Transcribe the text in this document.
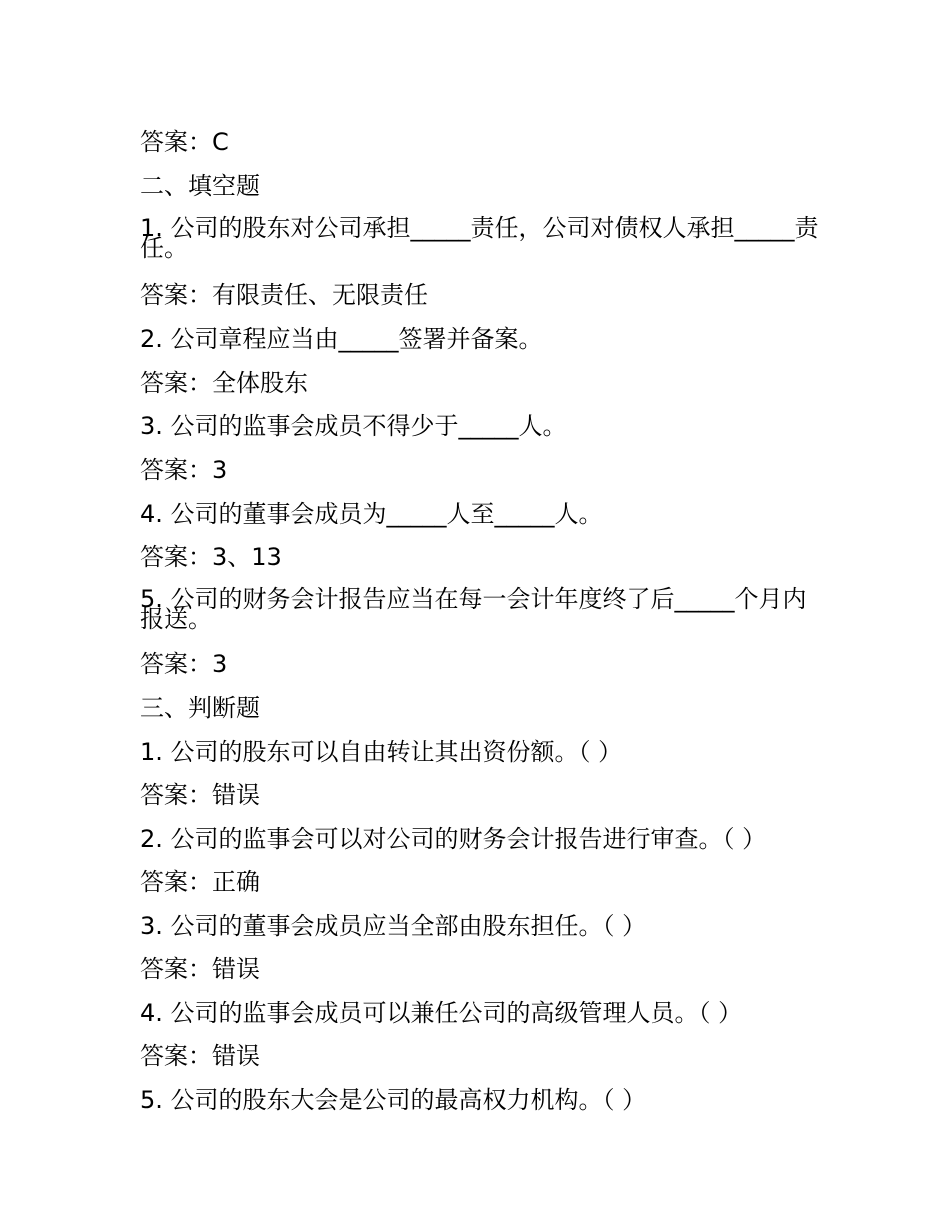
答案：C
二、填空题
1. 公司的股东对公司承担_____责任，公司对债权人承担_____责任。
答案：有限责任、无限责任
2. 公司章程应当由_____签署并备案。
答案：全体股东
3. 公司的监事会成员不得少于_____人。
答案：3
4. 公司的董事会成员为_____人至_____人。
答案：3、13
5. 公司的财务会计报告应当在每一会计年度终了后_____个月内报送。
答案：3
三、判断题
1. 公司的股东可以自由转让其出资份额。（ ）
答案：错误
2. 公司的监事会可以对公司的财务会计报告进行审查。（ ）
答案：正确
3. 公司的董事会成员应当全部由股东担任。（ ）
答案：错误
4. 公司的监事会成员可以兼任公司的高级管理人员。（ ）
答案：错误
5. 公司的股东大会是公司的最高权力机构。（ ）
